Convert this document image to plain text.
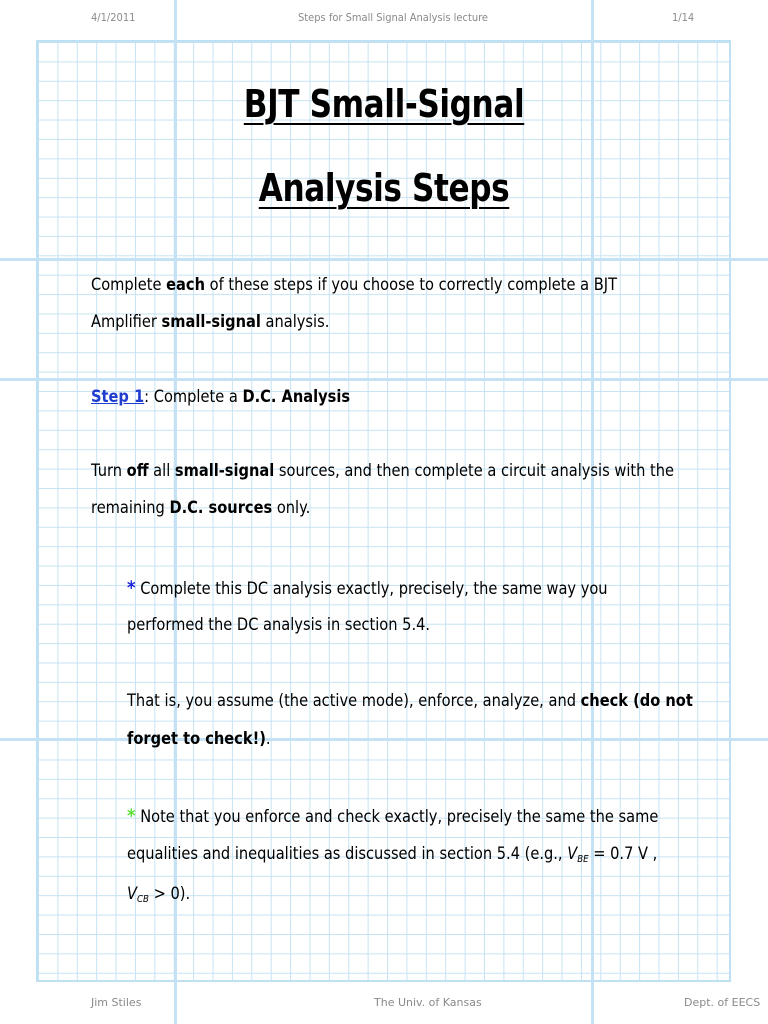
4/1/2011	Steps for Small Signal Analysis lecture	1/14
BJT Small-Signal
Analysis Steps
Complete each of these steps if you choose to correctly complete a BJT
Amplifier small-signal analysis.
Step 1: Complete a D.C. Analysis
Turn off all small-signal sources, and then complete a circuit analysis with the
remaining D.C. sources only.
* Complete this DC analysis exactly, precisely, the same way you
performed the DC analysis in section 5.4.
That is, you assume (the active mode), enforce, analyze, and check (do not
forget to check!).
* Note that you enforce and check exactly, precisely the same the same
equalities and inequalities as discussed in section 5.4 (e.g., $V_{BE} = 0.7$ V ,
$V_{CB} > 0$).
Jim Stiles	The Univ. of Kansas	Dept. of EECS
